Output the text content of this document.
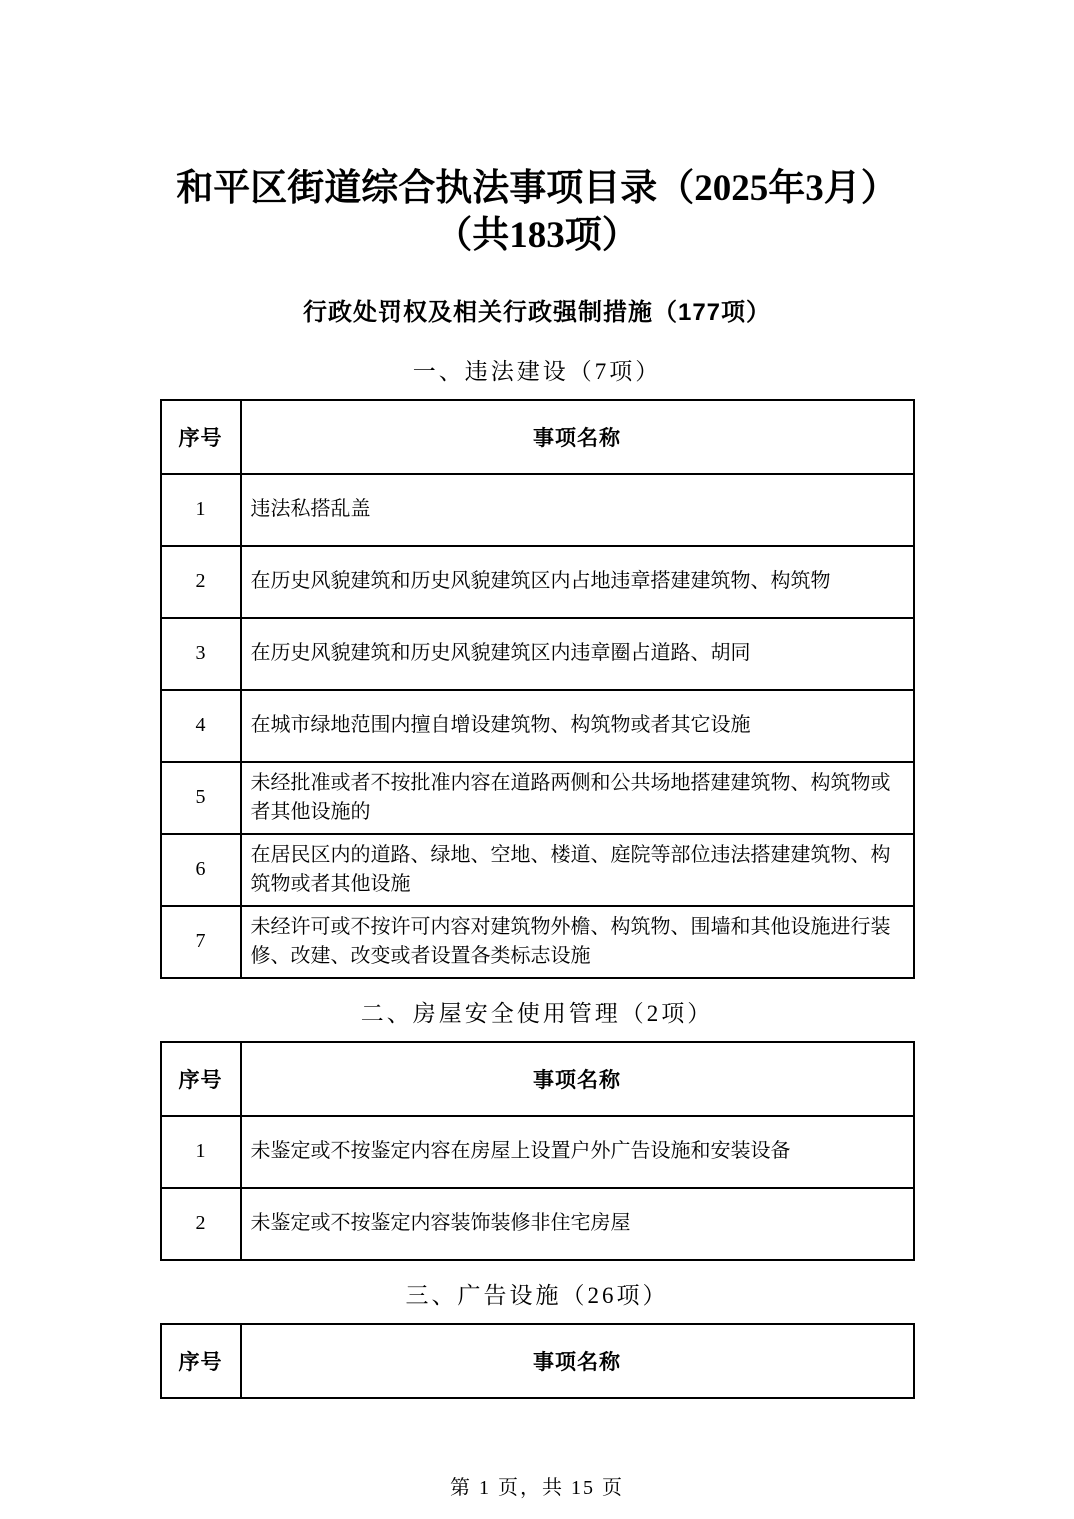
和平区街道综合执法事项目录（2025年3月）
（共183项）
行政处罚权及相关行政强制措施（177项）
一、违法建设（7项）
序号	事项名称
1	违法私搭乱盖
2	在历史风貌建筑和历史风貌建筑区内占地违章搭建建筑物、构筑物
3	在历史风貌建筑和历史风貌建筑区内违章圈占道路、胡同
4	在城市绿地范围内擅自增设建筑物、构筑物或者其它设施
5	未经批准或者不按批准内容在道路两侧和公共场地搭建建筑物、构筑物或者其他设施的
6	在居民区内的道路、绿地、空地、楼道、庭院等部位违法搭建建筑物、构筑物或者其他设施
7	未经许可或不按许可内容对建筑物外檐、构筑物、围墙和其他设施进行装修、改建、改变或者设置各类标志设施
二、房屋安全使用管理（2项）
序号	事项名称
1	未鉴定或不按鉴定内容在房屋上设置户外广告设施和安装设备
2	未鉴定或不按鉴定内容装饰装修非住宅房屋
三、广告设施（26项）
序号	事项名称
第 1 页，共 15 页
